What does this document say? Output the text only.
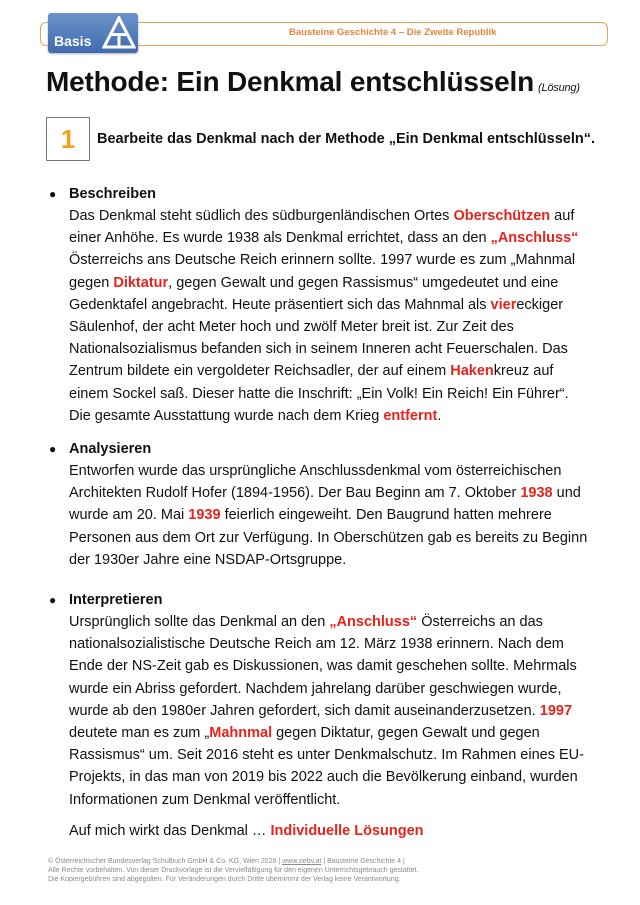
Bausteine Geschichte 4 – Die Zweite Republik
Basis
Methode: Ein Denkmal entschlüsseln (Lösung)
1	Bearbeite das Denkmal nach der Methode „Ein Denkmal entschlüsseln“.
● Beschreiben
Das Denkmal steht südlich des südburgenländischen Ortes Oberschützen auf einer Anhöhe. Es wurde 1938 als Denkmal errichtet, dass an den „Anschluss“ Österreichs ans Deutsche Reich erinnern sollte. 1997 wurde es zum „Mahnmal gegen Diktatur, gegen Gewalt und gegen Rassismus“ umgedeutet und eine Gedenktafel angebracht. Heute präsentiert sich das Mahnmal als viereckiger Säulenhof, der acht Meter hoch und zwölf Meter breit ist. Zur Zeit des Nationalsozialismus befanden sich in seinem Inneren acht Feuerschalen. Das Zentrum bildete ein vergoldeter Reichsadler, der auf einem Hakenkreuz auf einem Sockel saß. Dieser hatte die Inschrift: „Ein Volk! Ein Reich! Ein Führer“. Die gesamte Ausstattung wurde nach dem Krieg entfernt.
● Analysieren
Entworfen wurde das ursprüngliche Anschlussdenkmal vom österreichischen Architekten Rudolf Hofer (1894-1956). Der Bau Beginn am 7. Oktober 1938 und wurde am 20. Mai 1939 feierlich eingeweiht. Den Baugrund hatten mehrere Personen aus dem Ort zur Verfügung. In Oberschützen gab es bereits zu Beginn der 1930er Jahre eine NSDAP-Ortsgruppe.
● Interpretieren
Ursprünglich sollte das Denkmal an den „Anschluss“ Österreichs an das nationalsozialistische Deutsche Reich am 12. März 1938 erinnern. Nach dem Ende der NS-Zeit gab es Diskussionen, was damit geschehen sollte. Mehrmals wurde ein Abriss gefordert. Nachdem jahrelang darüber geschwiegen wurde, wurde ab den 1980er Jahren gefordert, sich damit auseinanderzusetzen. 1997 deutete man es zum „Mahnmal gegen Diktatur, gegen Gewalt und gegen Rassismus“ um. Seit 2016 steht es unter Denkmalschutz. Im Rahmen eines EU-Projekts, in das man von 2019 bis 2022 auch die Bevölkerung einband, wurden Informationen zum Denkmal veröffentlicht.
Auf mich wirkt das Denkmal … Individuelle Lösungen
© Österreichischer Bundesverlag Schulbuch GmbH & Co. KG, Wien 2026 | www.oebv.at | Bausteine Geschichte 4 |
Alle Rechte vorbehalten. Von dieser Druckvorlage ist die Vervielfältigung für den eigenen Unterrichtsgebrauch gestattet.
Die Kopiergebühren sind abgegolten. Für Veränderungen durch Dritte übernimmt der Verlag keine Verantwortung.
